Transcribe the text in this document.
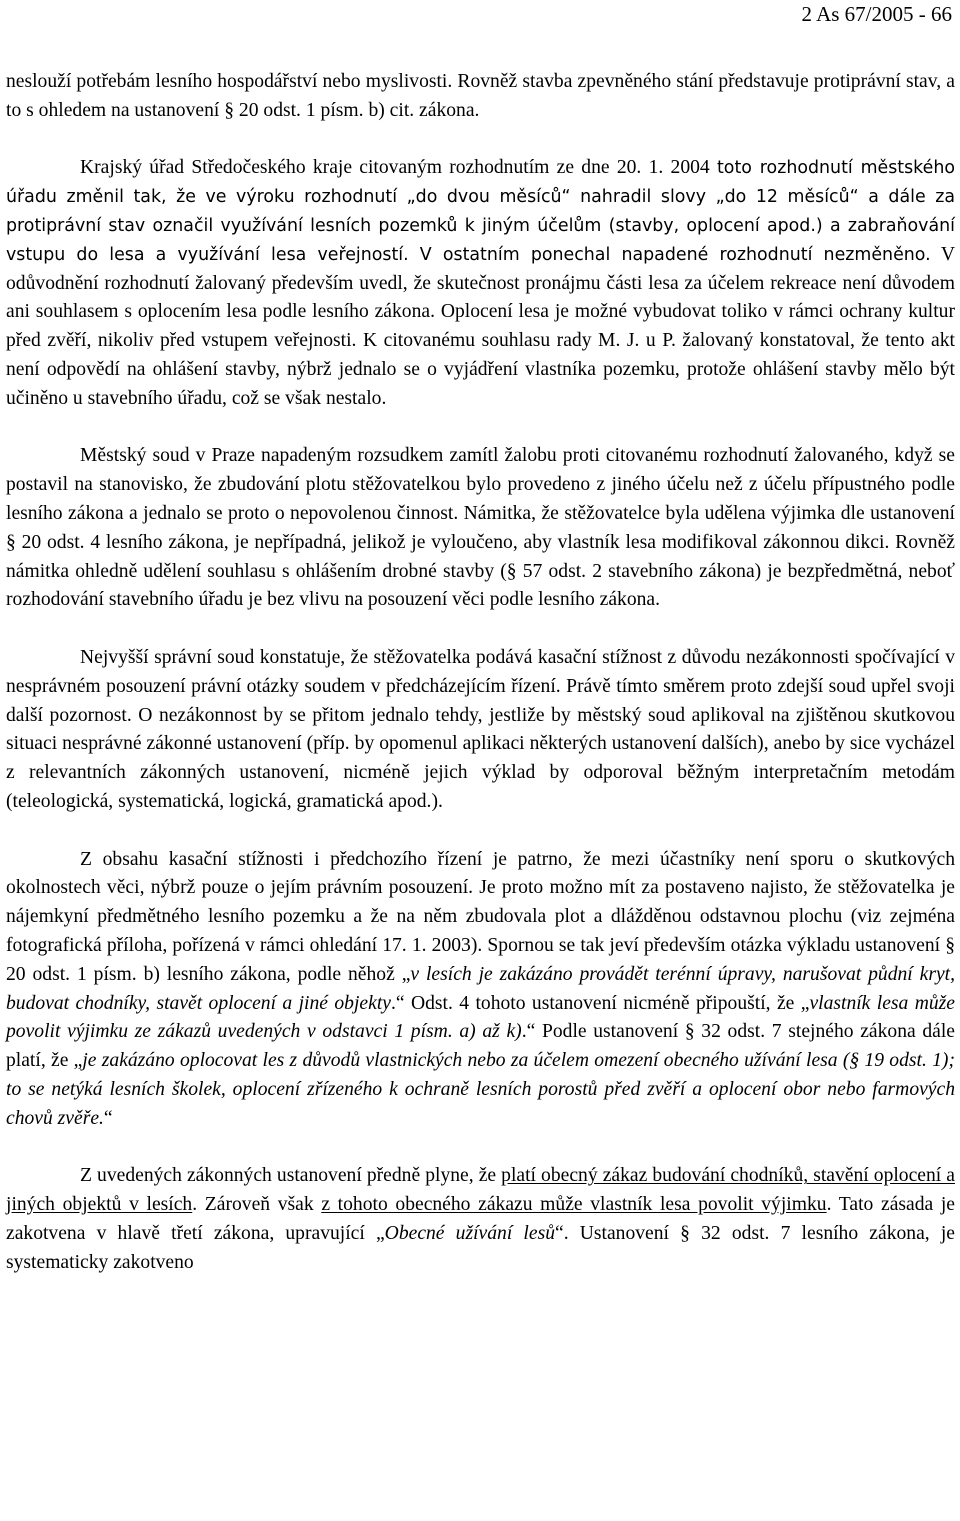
2 As 67/2005 - 66

neslouží potřebám lesního hospodářství nebo myslivosti. Rovněž stavba zpevněného stání představuje protiprávní stav, a to s ohledem na ustanovení § 20 odst. 1 písm. b) cit. zákona.

Krajský úřad Středočeského kraje citovaným rozhodnutím ze dne 20. 1. 2004 toto rozhodnutí městského úřadu změnil tak, že ve výroku rozhodnutí „do dvou měsíců“ nahradil slovy „do 12 měsíců“ a dále za protiprávní stav označil využívání lesních pozemků k jiným účelům (stavby, oplocení apod.) a zabraňování vstupu do lesa a využívání lesa veřejností. V ostatním ponechal napadené rozhodnutí nezměněno. V odůvodnění rozhodnutí žalovaný především uvedl, že skutečnost pronájmu části lesa za účelem rekreace není důvodem ani souhlasem s oplocením lesa podle lesního zákona. Oplocení lesa je možné vybudovat toliko v rámci ochrany kultur před zvěří, nikoliv před vstupem veřejnosti. K citovanému souhlasu rady M. J. u P. žalovaný konstatoval, že tento akt není odpovědí na ohlášení stavby, nýbrž jednalo se o vyjádření vlastníka pozemku, protože ohlášení stavby mělo být učiněno u stavebního úřadu, což se však nestalo.

Městský soud v Praze napadeným rozsudkem zamítl žalobu proti citovanému rozhodnutí žalovaného, když se postavil na stanovisko, že zbudování plotu stěžovatelkou bylo provedeno z jiného účelu než z účelu přípustného podle lesního zákona a jednalo se proto o nepovolenou činnost. Námitka, že stěžovatelce byla udělena výjimka dle ustanovení § 20 odst. 4 lesního zákona, je nepřípadná, jelikož je vyloučeno, aby vlastník lesa modifikoval zákonnou dikci. Rovněž námitka ohledně udělení souhlasu s ohlášením drobné stavby (§ 57 odst. 2 stavebního zákona) je bezpředmětná, neboť rozhodování stavebního úřadu je bez vlivu na posouzení věci podle lesního zákona.

Nejvyšší správní soud konstatuje, že stěžovatelka podává kasační stížnost z důvodu nezákonnosti spočívající v nesprávném posouzení právní otázky soudem v předcházejícím řízení. Právě tímto směrem proto zdejší soud upřel svoji další pozornost. O nezákonnost by se přitom jednalo tehdy, jestliže by městský soud aplikoval na zjištěnou skutkovou situaci nesprávné zákonné ustanovení (příp. by opomenul aplikaci některých ustanovení dalších), anebo by sice vycházel z relevantních zákonných ustanovení, nicméně jejich výklad by odporoval běžným interpretačním metodám (teleologická, systematická, logická, gramatická apod.).

Z obsahu kasační stížnosti i předchozího řízení je patrno, že mezi účastníky není sporu o skutkových okolnostech věci, nýbrž pouze o jejím právním posouzení. Je proto možno mít za postaveno najisto, že stěžovatelka je nájemkyní předmětného lesního pozemku a že na něm zbudovala plot a dlážděnou odstavnou plochu (viz zejména fotografická příloha, pořízená v rámci ohledání 17. 1. 2003). Spornou se tak jeví především otázka výkladu ustanovení § 20 odst. 1 písm. b) lesního zákona, podle něhož „v lesích je zakázáno provádět terénní úpravy, narušovat půdní kryt, budovat chodníky, stavět oplocení a jiné objekty.“ Odst. 4 tohoto ustanovení nicméně připouští, že „vlastník lesa může povolit výjimku ze zákazů uvedených v odstavci 1 písm. a) až k).“ Podle ustanovení § 32 odst. 7 stejného zákona dále platí, že „je zakázáno oplocovat les z důvodů vlastnických nebo za účelem omezení obecného užívání lesa (§ 19 odst. 1); to se netýká lesních školek, oplocení zřízeného k ochraně lesních porostů před zvěří a oplocení obor nebo farmových chovů zvěře.“

Z uvedených zákonných ustanovení předně plyne, že platí obecný zákaz budování chodníků, stavění oplocení a jiných objektů v lesích. Zároveň však z tohoto obecného zákazu může vlastník lesa povolit výjimku. Tato zásada je zakotvena v hlavě třetí zákona, upravující „Obecné užívání lesů“. Ustanovení § 32 odst. 7 lesního zákona, je systematicky zakotveno
